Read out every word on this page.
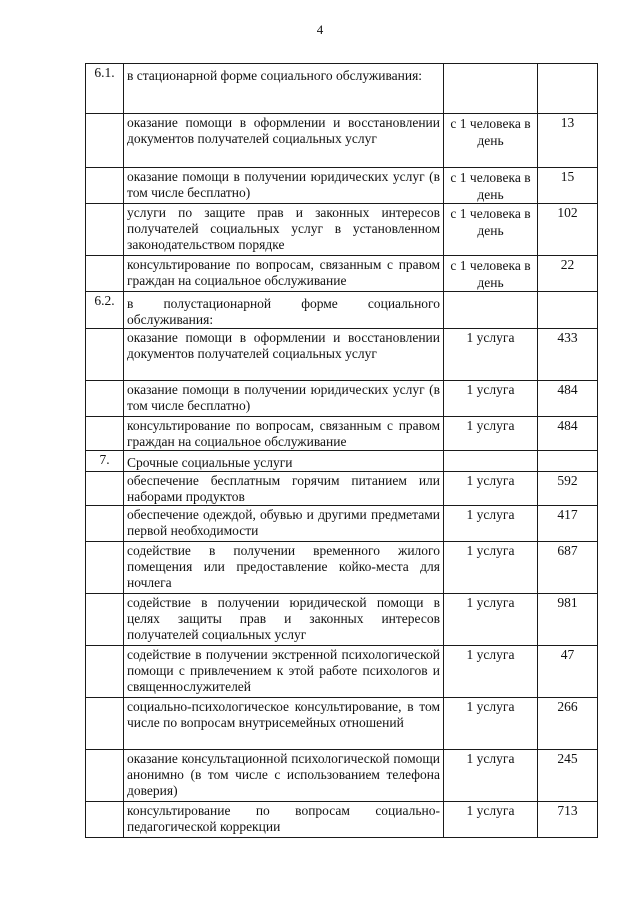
4
6.1.	в стационарной форме социального обслуживания:		
	оказание помощи в оформлении и восстановлении документов получателей социальных услуг	с 1 человека в день	13
	оказание помощи в получении юридических услуг (в том числе бесплатно)	с 1 человека в день	15
	услуги по защите прав и законных интересов получателей социальных услуг в установленном законодательством порядке	с 1 человека в день	102
	консультирование по вопросам, связанным с правом граждан на социальное обслуживание	с 1 человека в день	22
6.2.	в полустационарной форме социального обслуживания:		
	оказание помощи в оформлении и восстановлении документов получателей социальных услуг	1 услуга	433
	оказание помощи в получении юридических услуг (в том числе бесплатно)	1 услуга	484
	консультирование по вопросам, связанным с правом граждан на социальное обслуживание	1 услуга	484
7.	Срочные социальные услуги		
	обеспечение бесплатным горячим питанием или наборами продуктов	1 услуга	592
	обеспечение одеждой, обувью и другими предметами первой необходимости	1 услуга	417
	содействие в получении временного жилого помещения или предоставление койко-места для ночлега	1 услуга	687
	содействие в получении юридической помощи в целях защиты прав и законных интересов получателей социальных услуг	1 услуга	981
	содействие в получении экстренной психологической помощи с привлечением к этой работе психологов и священнослужителей	1 услуга	47
	социально-психологическое консультирование, в том числе по вопросам внутрисемейных отношений	1 услуга	266
	оказание консультационной психологической помощи анонимно (в том числе с использованием телефона доверия)	1 услуга	245
	консультирование по вопросам социально-педагогической коррекции	1 услуга	713
